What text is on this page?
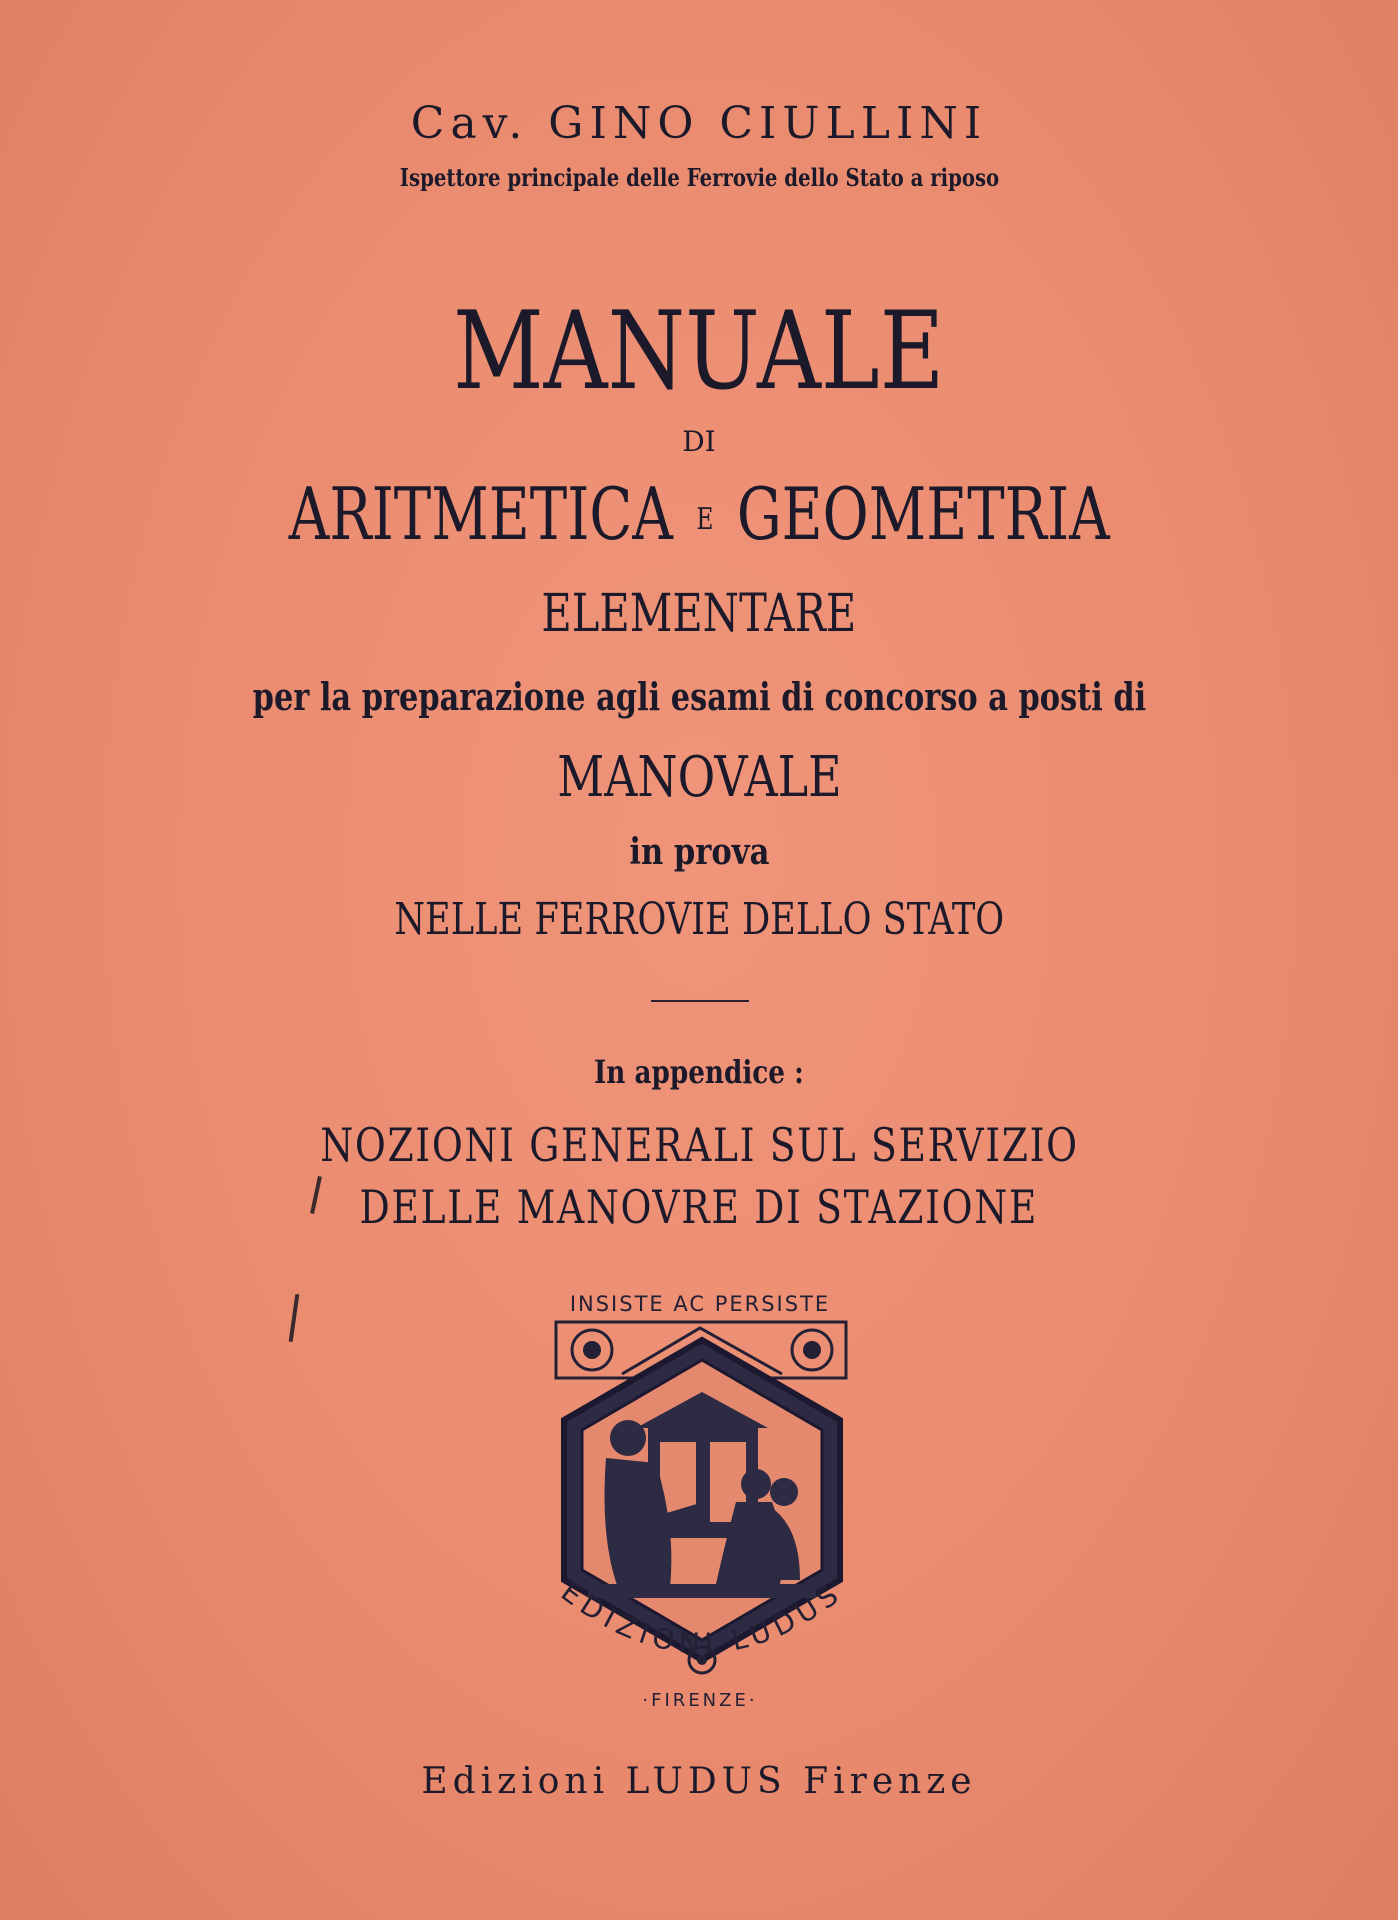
Cav. GINO CIULLINI
Ispettore principale delle Ferrovie dello Stato a riposo
MANUALE
DI
ARITMETICA E GEOMETRIA
ELEMENTARE
per la preparazione agli esami di concorso a posti di
MANOVALE
in prova
NELLE FERROVIE DELLO STATO
In appendice :
NOZIONI GENERALI SUL SERVIZIO
DELLE MANOVRE DI STAZIONE
INSISTE AC PERSISTE
EDIZIONI LUDUS
·FIRENZE·
Edizioni LUDUS Firenze
